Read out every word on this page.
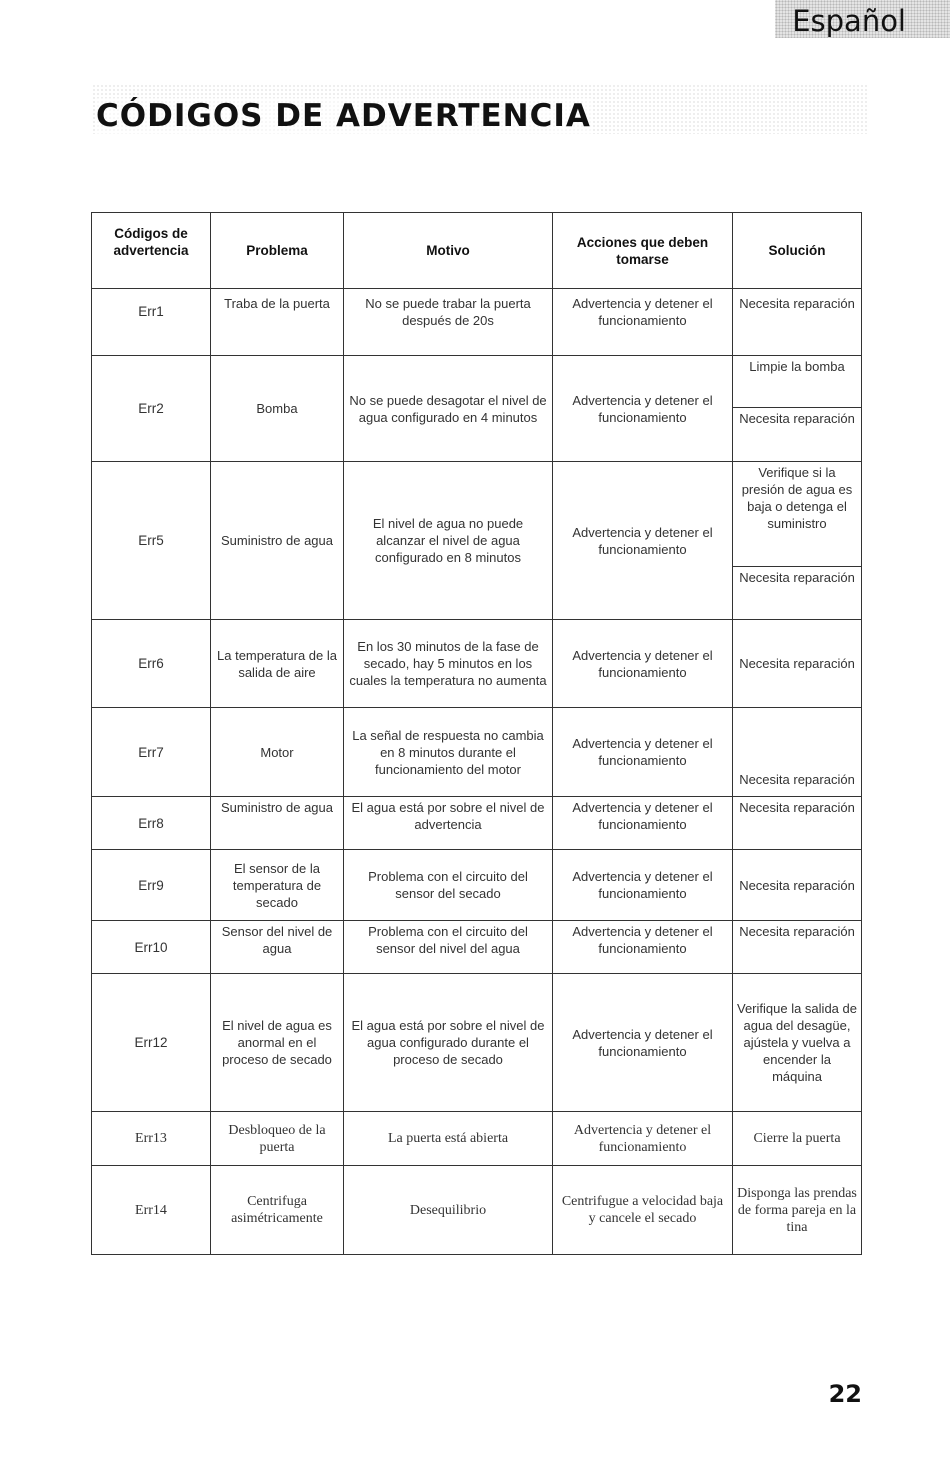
Español
CÓDIGOS DE ADVERTENCIA
Códigos de advertencia	Problema	Motivo	Acciones que deben tomarse	Solución
Err1	Traba de la puerta	No se puede trabar la puerta después de 20s	Advertencia y detener el funcionamiento	Necesita reparación
Err2	Bomba	No se puede desagotar el nivel de agua configurado en 4 minutos	Advertencia y detener el funcionamiento	Limpie la bomba
				Necesita reparación
Err5	Suministro de agua	El nivel de agua no puede alcanzar el nivel de agua configurado en 8 minutos	Advertencia y detener el funcionamiento	Verifique si la presión de agua es baja o detenga el suministro
				Necesita reparación
Err6	La temperatura de la salida de aire	En los 30 minutos de la fase de secado, hay 5 minutos en los cuales la temperatura no aumenta	Advertencia y detener el funcionamiento	Necesita reparación
Err7	Motor	La señal de respuesta no cambia en 8 minutos durante el funcionamiento del motor	Advertencia y detener el funcionamiento	Necesita reparación
Err8	Suministro de agua	El agua está por sobre el nivel de advertencia	Advertencia y detener el funcionamiento	Necesita reparación
Err9	El sensor de la temperatura de secado	Problema con el circuito del sensor del secado	Advertencia y detener el funcionamiento	Necesita reparación
Err10	Sensor del nivel de agua	Problema con el circuito del sensor del nivel del agua	Advertencia y detener el funcionamiento	Necesita reparación
Err12	El nivel de agua es anormal en el proceso de secado	El agua está por sobre el nivel de agua configurado durante el proceso de secado	Advertencia y detener el funcionamiento	Verifique la salida de agua del desagüe, ajústela y vuelva a encender la máquina
Err13	Desbloqueo de la puerta	La puerta está abierta	Advertencia y detener el funcionamiento	Cierre la puerta
Err14	Centrifuga asimétricamente	Desequilibrio	Centrifugue a velocidad baja y cancele el secado	Disponga las prendas de forma pareja en la tina
22
